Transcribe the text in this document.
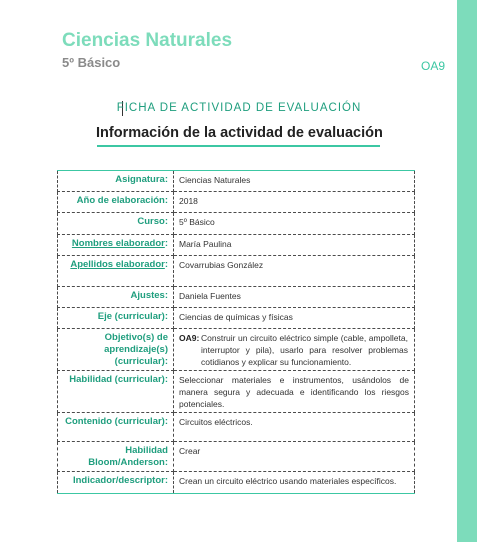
Ciencias Naturales
5º Básico	OA9
FICHA DE ACTIVIDAD DE EVALUACIÓN
Información de la actividad de evaluación
Asignatura:	Ciencias Naturales
Año de elaboración:	2018
Curso:	5º Básico
Nombres elaborador:	María Paulina
Apellidos elaborador:	Covarrubias González
Ajustes:	Daniela Fuentes
Eje (curricular):	Ciencias de químicas y físicas
Objetivo(s) de aprendizaje(s) (curricular):	OA9: Construir un circuito eléctrico simple (cable, ampolleta, interruptor y pila), usarlo para resolver problemas cotidianos y explicar su funcionamiento.
Habilidad (curricular):	Seleccionar materiales e instrumentos, usándolos de manera segura y adecuada e identificando los riesgos potenciales.
Contenido (curricular):	Circuitos eléctricos.
Habilidad Bloom/Anderson:	Crear
Indicador/descriptor:	Crean un circuito eléctrico usando materiales específicos.
